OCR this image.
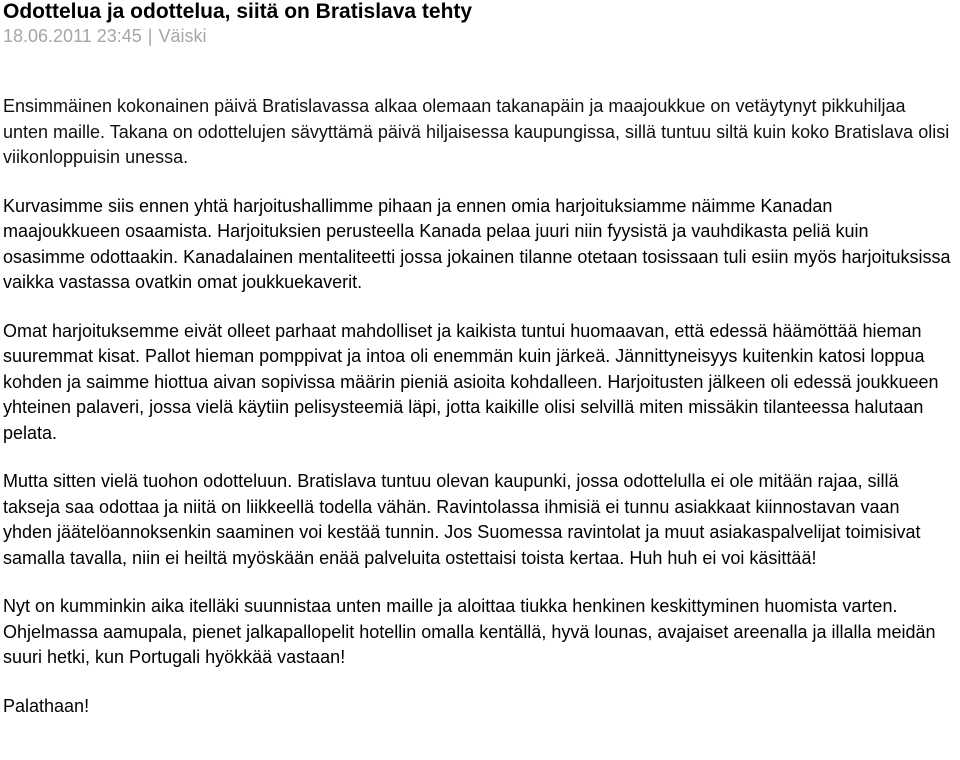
Odottelua ja odottelua, siitä on Bratislava tehty
18.06.2011 23:45 | Väiski

Ensimmäinen kokonainen päivä Bratislavassa alkaa olemaan takanapäin ja maajoukkue on vetäytynyt pikkuhiljaa unten maille. Takana on odottelujen sävyttämä päivä hiljaisessa kaupungissa, sillä tuntuu siltä kuin koko Bratislava olisi viikonloppuisin unessa.

Kurvasimme siis ennen yhtä harjoitushallimme pihaan ja ennen omia harjoituksiamme näimme Kanadan maajoukkueen osaamista. Harjoituksien perusteella Kanada pelaa juuri niin fyysistä ja vauhdikasta peliä kuin osasimme odottaakin. Kanadalainen mentaliteetti jossa jokainen tilanne otetaan tosissaan tuli esiin myös harjoituksissa vaikka vastassa ovatkin omat joukkuekaverit.

Omat harjoituksemme eivät olleet parhaat mahdolliset ja kaikista tuntui huomaavan, että edessä häämöttää hieman suuremmat kisat. Pallot hieman pomppivat ja intoa oli enemmän kuin järkeä. Jännittyneisyys kuitenkin katosi loppua kohden ja saimme hiottua aivan sopivissa määrin pieniä asioita kohdalleen. Harjoitusten jälkeen oli edessä joukkueen yhteinen palaveri, jossa vielä käytiin pelisysteemiä läpi, jotta kaikille olisi selvillä miten missäkin tilanteessa halutaan pelata.

Mutta sitten vielä tuohon odotteluun. Bratislava tuntuu olevan kaupunki, jossa odottelulla ei ole mitään rajaa, sillä takseja saa odottaa ja niitä on liikkeellä todella vähän. Ravintolassa ihmisiä ei tunnu asiakkaat kiinnostavan vaan yhden jäätelöannoksenkin saaminen voi kestää tunnin. Jos Suomessa ravintolat ja muut asiakaspalvelijat toimisivat samalla tavalla, niin ei heiltä myöskään enää palveluita ostettaisi toista kertaa. Huh huh ei voi käsittää!

Nyt on kumminkin aika itelläki suunnistaa unten maille ja aloittaa tiukka henkinen keskittyminen huomista varten. Ohjelmassa aamupala, pienet jalkapallopelit hotellin omalla kentällä, hyvä lounas, avajaiset areenalla ja illalla meidän suuri hetki, kun Portugali hyökkää vastaan!

Palathaan!
